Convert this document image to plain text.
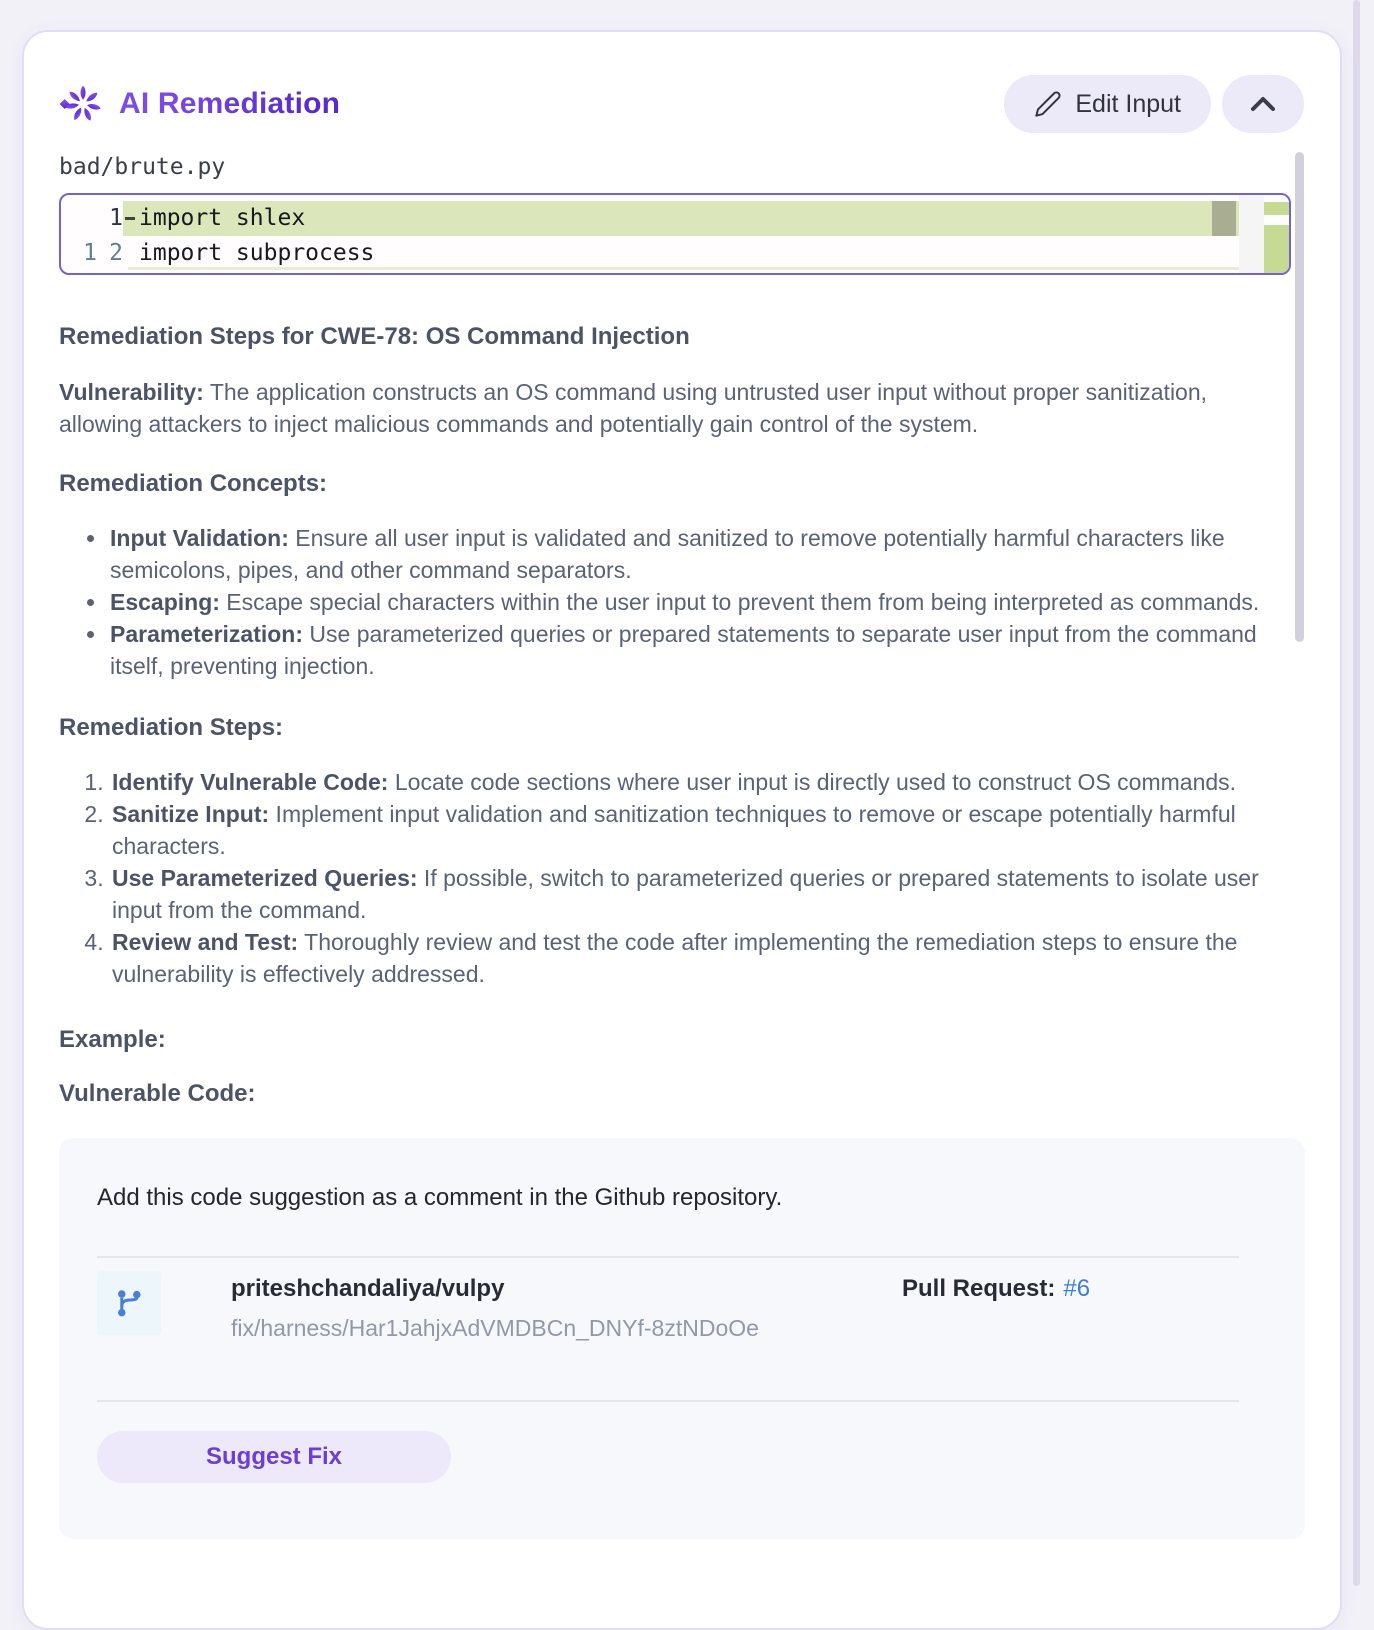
AI Remediation	Edit Input
bad/brute.py
1 import shlex
1 2 import subprocess
Remediation Steps for CWE-78: OS Command Injection

Vulnerability: The application constructs an OS command using untrusted user input without proper sanitization, allowing attackers to inject malicious commands and potentially gain control of the system.

Remediation Concepts:
• Input Validation: Ensure all user input is validated and sanitized to remove potentially harmful characters like semicolons, pipes, and other command separators.
• Escaping: Escape special characters within the user input to prevent them from being interpreted as commands.
• Parameterization: Use parameterized queries or prepared statements to separate user input from the command itself, preventing injection.
Remediation Steps:
1. Identify Vulnerable Code: Locate code sections where user input is directly used to construct OS commands.
2. Sanitize Input: Implement input validation and sanitization techniques to remove or escape potentially harmful characters.
3. Use Parameterized Queries: If possible, switch to parameterized queries or prepared statements to isolate user input from the command.
4. Review and Test: Thoroughly review and test the code after implementing the remediation steps to ensure the vulnerability is effectively addressed.
Example:
Vulnerable Code:

Add this code suggestion as a comment in the Github repository.

priteshchandaliya/vulpy
fix/harness/Har1JahjxAdVMDBCn_DNYf-8ztNDoOe
Pull Request: #6
Suggest Fix
